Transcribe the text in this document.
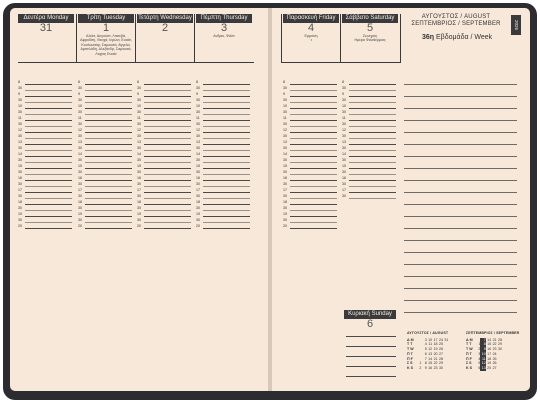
Δευτέρα Monday
31
Τρίτη Tuesday
1
Αλέκτ, Αυγούστ, Λιτσεβά, Αφροδίτη, Θεοχά, Ιερώνι, Ευαίσ, Κουλουσάρ, Σαμουσά, Αγγελα, Αμπελάδη, Αλεξάνδρ, Σαμουσά, Λοχίας Ευαίσ
Τετάρτη Wednesday
2
Πέμπτη Thursday
3
Ανδρικ, Φιλίπ
Παρασκευή Friday
4
Ερμιόνη
◑
Σάββατο Saturday
5
Ζωνηρός
Ημέρα Φιλοθέρμιας
8
30
9
30
10
30
11
30
12
30
13
30
14
30
15
30
16
30
17
30
18
30
19
30
20
8
30
9
30
10
30
11
30
12
30
13
30
14
30
15
30
16
30
17
30
18
30
19
30
20
8
30
9
30
10
30
11
30
12
30
13
30
14
30
15
30
16
30
17
30
18
30
19
30
20
8
30
9
30
10
30
11
30
12
30
13
30
14
30
15
30
16
30
17
30
18
30
19
30
20
8
30
9
30
10
30
11
30
12
30
13
30
14
30
15
30
16
30
17
30
18
30
19
30
20
8
30
9
30
10
30
11
30
12
30
13
30
14
30
15
30
16
30
17
30
Κυριακή Sunday
6
ΑΥΓΟΥΣΤΟΣ / AUGUST
Δ M	3 10 17 24 31
Τ T	4 11 18 25
Τ W	5 12 19 26
Π T	6 13 20 27
Π F	7 14 21 28
Σ S	1 8 15 22 29
Κ S	2 9 16 23 30
ΣΕΠΤΕΜΒΡΙΟΣ / SEPTEMBER
Δ M	7 14 21 28
Τ T	1 8 15 22 29
Τ W	2 9 16 23 30
Π T	3 10 17 24
Π F	4 11 18 25
Σ S	5 12 19 26
Κ S	6 13 20 27
2026
ΑΥΓΟΥΣΤΟΣ / AUGUST
ΣΕΠΤΕΜΒΡΙΟΣ / SEPTEMBER
36η Εβδομάδα / Week
